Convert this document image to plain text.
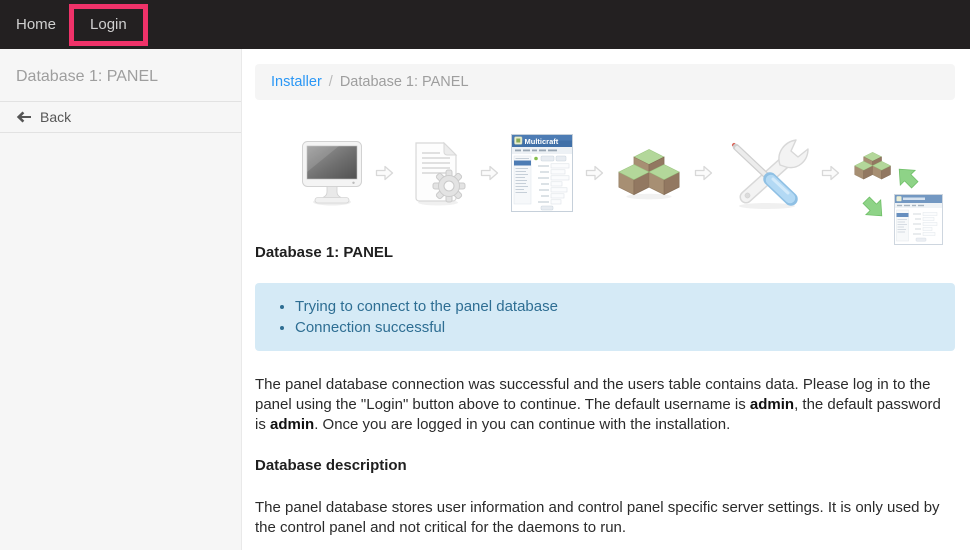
Home	Login
Database 1: PANEL
Back
Installer / Database 1: PANEL
Multicraft
Database 1: PANEL
• Trying to connect to the panel database
• Connection successful

The panel database connection was successful and the users table contains data. Please log in to the panel using the "Login" button above to continue. The default username is admin, the default password is admin. Once you are logged in you can continue with the installation.

Database description

The panel database stores user information and control panel specific server settings. It is only used by the control panel and not critical for the daemons to run.
